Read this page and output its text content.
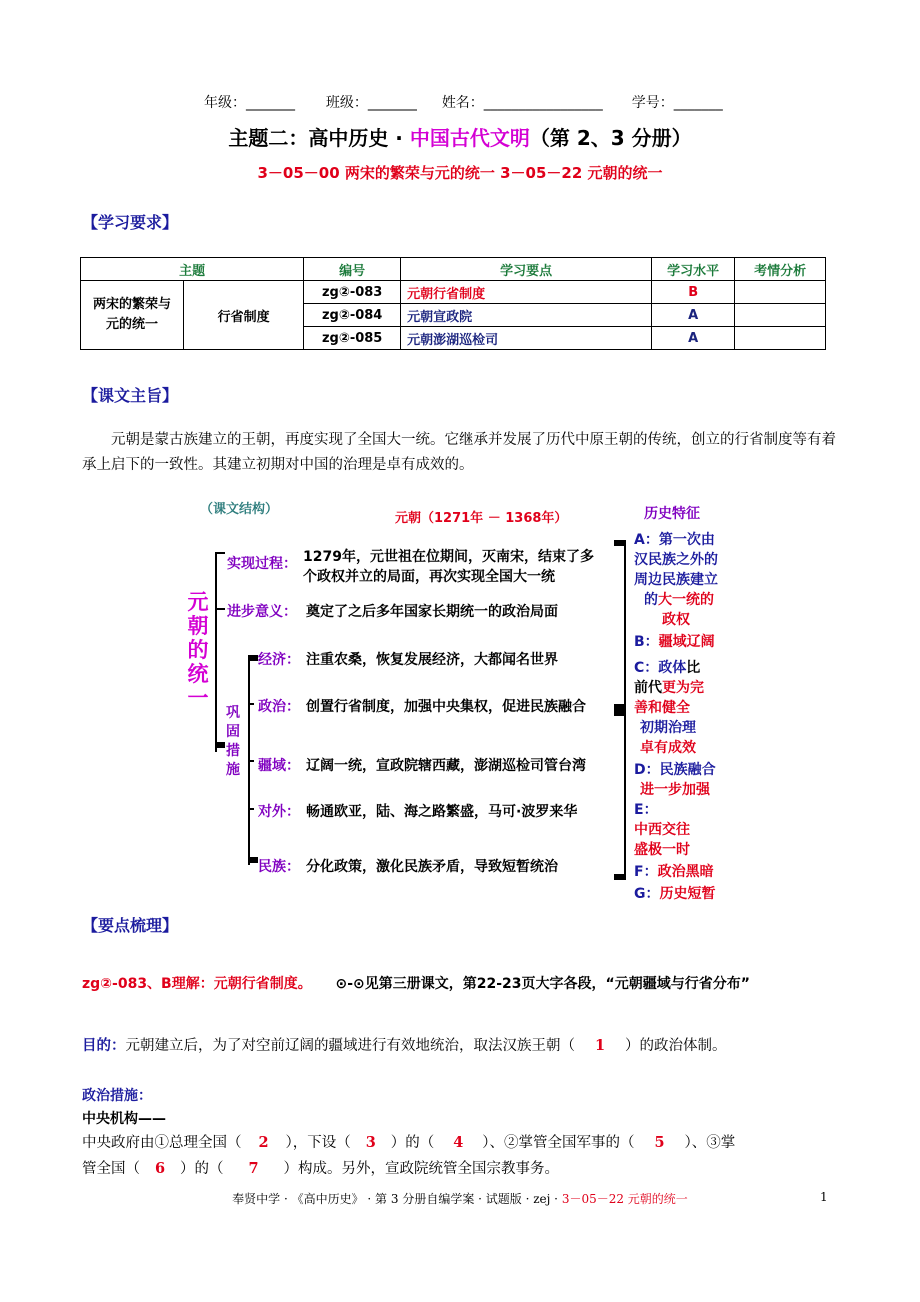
年级：_______ 班级：_______ 姓名：_________________ 学号：_______
主题二：高中历史 · 中国古代文明（第 2、3 分册）
3－05－00 两宋的繁荣与元的统一 3－05－22 元朝的统一
【学习要求】
主题		编号	学习要点	学习水平	考情分析
两宋的繁荣与元的统一	行省制度	zg②-083	元朝行省制度	B	
		zg②-084	元朝宣政院	A	
		zg②-085	元朝澎湖巡检司	A	
【课文主旨】
元朝是蒙古族建立的王朝，再度实现了全国大一统。它继承并发展了历代中原王朝的传统，创立的行省制度等有着承上启下的一致性。其建立初期对中国的治理是卓有成效的。
（课文结构）
元朝（1271年 － 1368年）	历史特征
元
朝
的
统
一
巩
固
措
施
实现过程： 1279年，元世祖在位期间，灭南宋，结束了多个政权并立的局面，再次实现全国大一统
进步意义： 奠定了之后多年国家长期统一的政治局面
经济： 注重农桑，恢复发展经济，大都闻名世界
政治： 创置行省制度，加强中央集权，促进民族融合
疆域： 辽阔一统，宣政院辖西藏，澎湖巡检司管台湾
对外： 畅通欧亚，陆、海之路繁盛，马可·波罗来华
民族： 分化政策，激化民族矛盾，导致短暂统治
A：第一次由
汉民族之外的
周边民族建立
的大一统的
政权
B：疆域辽阔
C：政体比
前代更为完
善和健全
初期治理
卓有成效
D：民族融合
进一步加强
E：
中西交往
盛极一时
F：政治黑暗
G：历史短暂
【要点梳理】
zg②-083、B理解：元朝行省制度。 ⊙-⊙见第三册课文，第22-23页大字各段，“元朝疆域与行省分布”
目的：元朝建立后，为了对空前辽阔的疆域进行有效地统治，取法汉族王朝（ 1 ）的政治体制。
政治措施：
中央机构——
中央政府由①总理全国（ 2 ），下设（ 3 ）的（ 4 ）、②掌管全国军事的（ 5 ）、③掌
管全国（ 6 ）的（ 7 ）构成。另外，宣政院统管全国宗教事务。
奉贤中学 · 《高中历史》 · 第 3 分册自编学案 · 试题版 · zej · 3－05－22 元朝的统一	1
